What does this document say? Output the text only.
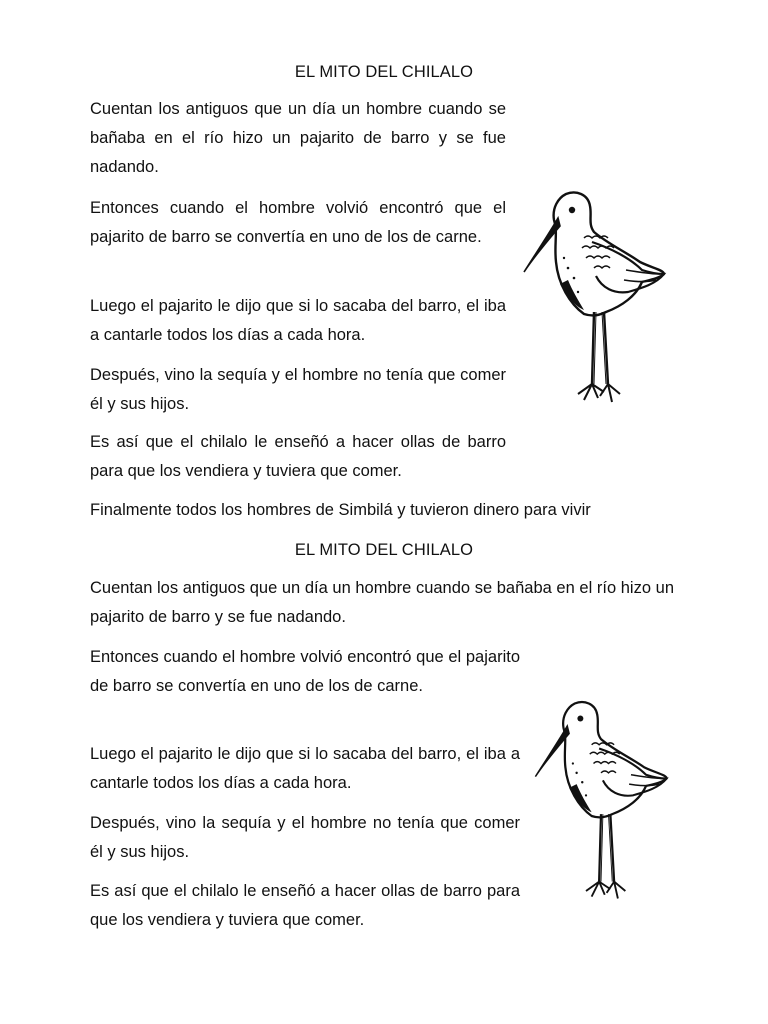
EL MITO DEL CHILALO

Cuentan los antiguos que un día un hombre cuando se bañaba en el río hizo un pajarito de barro y se fue nadando.

Entonces cuando el hombre volvió encontró que el pajarito de barro se convertía en uno de los de carne.

Luego el pajarito le dijo que si lo sacaba del barro, el iba a cantarle todos los días a cada hora.

Después, vino la sequía y el hombre no tenía que comer él y sus hijos.

Es así que el chilalo le enseñó a hacer ollas de barro para que los vendiera y tuviera que comer.

Finalmente todos los hombres de Simbilá y tuvieron dinero para vivir

EL MITO DEL CHILALO

Cuentan los antiguos que un día un hombre cuando se bañaba en el río hizo un pajarito de barro y se fue nadando.

Entonces cuando el hombre volvió encontró que el pajarito de barro se convertía en uno de los de carne.

Luego el pajarito le dijo que si lo sacaba del barro, el iba a cantarle todos los días a cada hora.

Después, vino la sequía y el hombre no tenía que comer él y sus hijos.

Es así que el chilalo le enseñó a hacer ollas de barro para que los vendiera y tuviera que comer.
